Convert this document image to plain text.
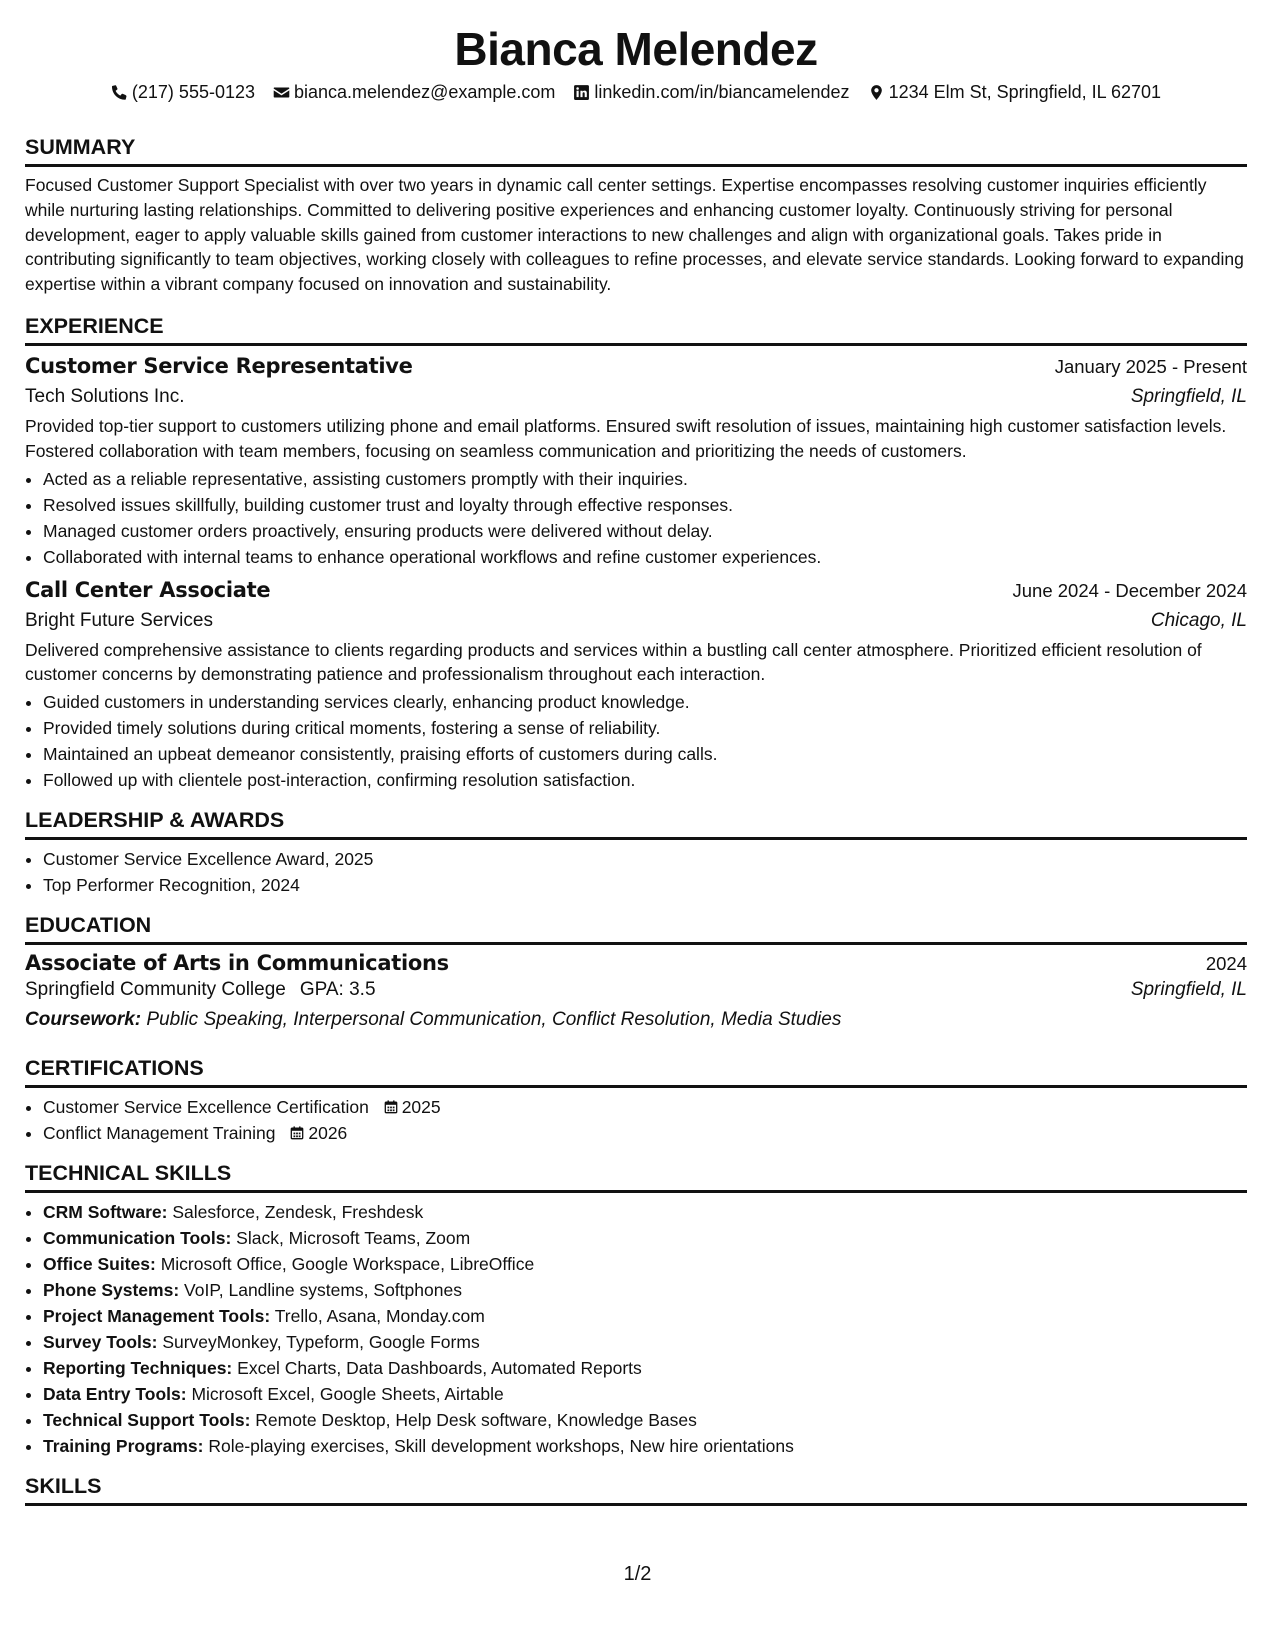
Bianca Melendez
(217) 555-0123 bianca.melendez@example.com linkedin.com/in/biancamelendez 1234 Elm St, Springfield, IL 62701
SUMMARY
Focused Customer Support Specialist with over two years in dynamic call center settings. Expertise encompasses resolving customer inquiries efficiently while nurturing lasting relationships. Committed to delivering positive experiences and enhancing customer loyalty. Continuously striving for personal development, eager to apply valuable skills gained from customer interactions to new challenges and align with organizational goals. Takes pride in contributing significantly to team objectives, working closely with colleagues to refine processes, and elevate service standards. Looking forward to expanding expertise within a vibrant company focused on innovation and sustainability.
EXPERIENCE
Customer Service Representative	January 2025 - Present
Tech Solutions Inc.	Springfield, IL
Provided top-tier support to customers utilizing phone and email platforms. Ensured swift resolution of issues, maintaining high customer satisfaction levels. Fostered collaboration with team members, focusing on seamless communication and prioritizing the needs of customers.
• Acted as a reliable representative, assisting customers promptly with their inquiries.
• Resolved issues skillfully, building customer trust and loyalty through effective responses.
• Managed customer orders proactively, ensuring products were delivered without delay.
• Collaborated with internal teams to enhance operational workflows and refine customer experiences.
Call Center Associate	June 2024 - December 2024
Bright Future Services	Chicago, IL
Delivered comprehensive assistance to clients regarding products and services within a bustling call center atmosphere. Prioritized efficient resolution of customer concerns by demonstrating patience and professionalism throughout each interaction.
• Guided customers in understanding services clearly, enhancing product knowledge.
• Provided timely solutions during critical moments, fostering a sense of reliability.
• Maintained an upbeat demeanor consistently, praising efforts of customers during calls.
• Followed up with clientele post-interaction, confirming resolution satisfaction.
LEADERSHIP & AWARDS
• Customer Service Excellence Award, 2025
• Top Performer Recognition, 2024
EDUCATION
Associate of Arts in Communications	2024
Springfield Community College GPA: 3.5	Springfield, IL
Coursework: Public Speaking, Interpersonal Communication, Conflict Resolution, Media Studies
CERTIFICATIONS
• Customer Service Excellence Certification 2025
• Conflict Management Training 2026
TECHNICAL SKILLS
• CRM Software: Salesforce, Zendesk, Freshdesk
• Communication Tools: Slack, Microsoft Teams, Zoom
• Office Suites: Microsoft Office, Google Workspace, LibreOffice
• Phone Systems: VoIP, Landline systems, Softphones
• Project Management Tools: Trello, Asana, Monday.com
• Survey Tools: SurveyMonkey, Typeform, Google Forms
• Reporting Techniques: Excel Charts, Data Dashboards, Automated Reports
• Data Entry Tools: Microsoft Excel, Google Sheets, Airtable
• Technical Support Tools: Remote Desktop, Help Desk software, Knowledge Bases
• Training Programs: Role-playing exercises, Skill development workshops, New hire orientations
SKILLS
1/2
